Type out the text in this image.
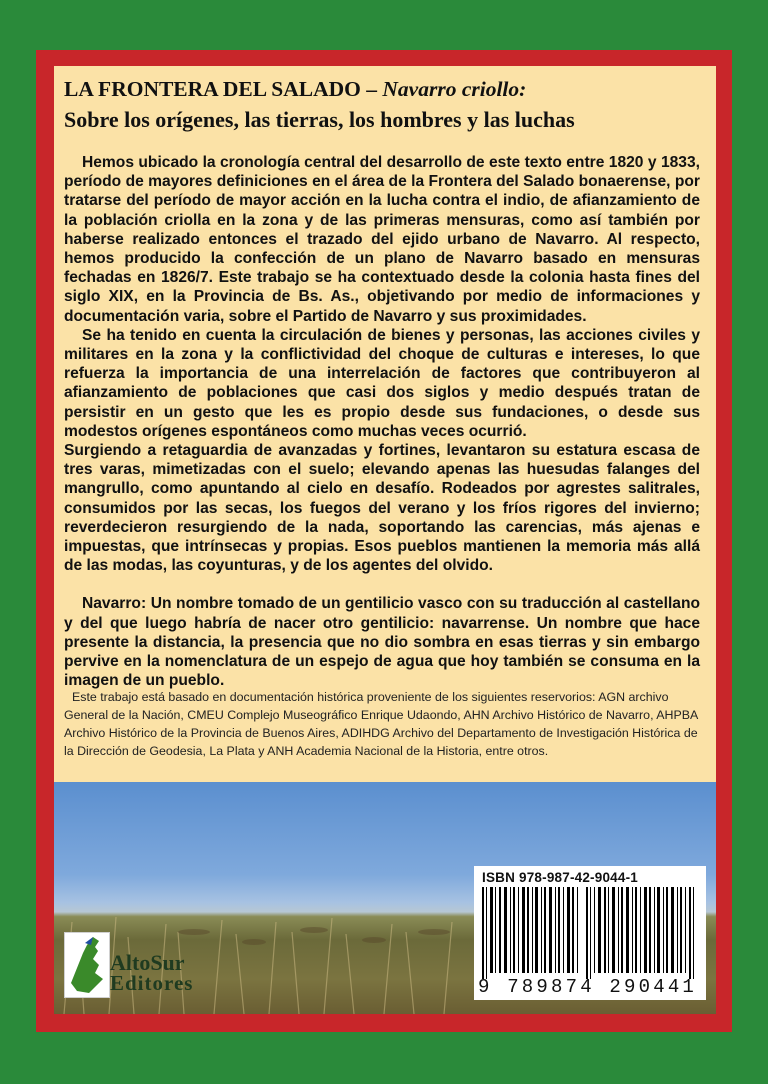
LA FRONTERA DEL SALADO – Navarro criollo:
Sobre los orígenes, las tierras, los hombres y las luchas

Hemos ubicado la cronología central del desarrollo de este texto entre 1820 y 1833, período de mayores definiciones en el área de la Frontera del Salado bonaerense, por tratarse del período de mayor acción en la lucha contra el indio, de afianzamiento de la población criolla en la zona y de las primeras mensuras, como así también por haberse realizado entonces el trazado del ejido urbano de Navarro. Al respecto, hemos producido la confección de un plano de Navarro basado en mensuras fechadas en 1826/7. Este trabajo se ha contextuado desde la colonia hasta fines del siglo XIX, en la Provincia de Bs. As., objetivando por medio de informaciones y documentación varia, sobre el Partido de Navarro y sus proximidades.

Se ha tenido en cuenta la circulación de bienes y personas, las acciones civiles y militares en la zona y la conflictividad del choque de culturas e intereses, lo que refuerza la importancia de una interrelación de factores que contribuyeron al afianzamiento de poblaciones que casi dos siglos y medio después tratan de persistir en un gesto que les es propio desde sus fundaciones, o desde sus modestos orígenes espontáneos como muchas veces ocurrió.

Surgiendo a retaguardia de avanzadas y fortines, levantaron su estatura escasa de tres varas, mimetizadas con el suelo; elevando apenas las huesudas falanges del mangrullo, como apuntando al cielo en desafío. Rodeados por agrestes salitrales, consumidos por las secas, los fuegos del verano y los fríos rigores del invierno; reverdecieron resurgiendo de la nada, soportando las carencias, más ajenas e impuestas, que intrínsecas y propias. Esos pueblos mantienen la memoria más allá de las modas, las coyunturas, y de los agentes del olvido.

Navarro: Un nombre tomado de un gentilicio vasco con su traducción al castellano y del que luego habría de nacer otro gentilicio: navarrense. Un nombre que hace presente la distancia, la presencia que no dio sombra en esas tierras y sin embargo pervive en la nomenclatura de un espejo de agua que hoy también se consuma en la imagen de un pueblo.

Este trabajo está basado en documentación histórica proveniente de los siguientes reservorios: AGN archivo General de la Nación, CMEU Complejo Museográfico Enrique Udaondo, AHN Archivo Histórico de Navarro, AHPBA Archivo Histórico de la Provincia de Buenos Aires, ADIHDG Archivo del Departamento de Investigación Histórica de la Dirección de Geodesia, La Plata y ANH Academia Nacional de la Historia, entre otros.
ISBN 978-987-42-9044-1
9 789874 290441
AltoSur
Editores
